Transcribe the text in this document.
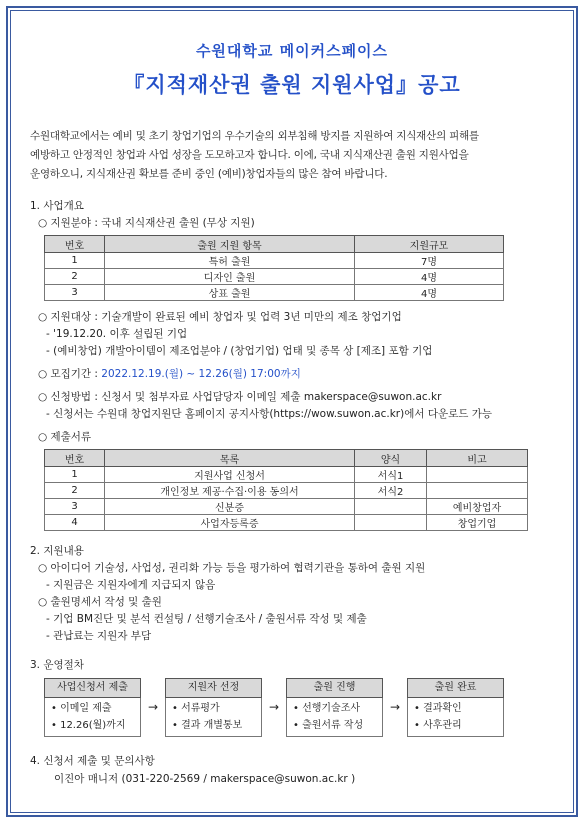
수원대학교 메이커스페이스
『지적재산권 출원 지원사업』공고
수원대학교에서는 예비 및 초기 창업기업의 우수기술의 외부침해 방지를 지원하여 지식재산의 피해를
예방하고 안정적인 창업과 사업 성장을 도모하고자 합니다. 이에, 국내 지식재산권 출원 지원사업을
운영하오니, 지식재산권 확보를 준비 중인 (예비)창업자들의 많은 참여 바랍니다.
1. 사업개요
○ 지원분야 : 국내 지식재산권 출원 (무상 지원)
번호	출원 지원 항목	지원규모
1	특허 출원	7명
2	디자인 출원	4명
3	상표 출원	4명
○ 지원대상 : 기술개발이 완료된 예비 창업자 및 업력 3년 미만의 제조 창업기업
- '19.12.20. 이후 설립된 기업
- (예비창업) 개발아이템이 제조업분야 / (창업기업) 업태 및 종목 상 [제조] 포함 기업
○ 모집기간 : 2022.12.19.(월) ~ 12.26(월) 17:00까지
○ 신청방법 : 신청서 및 첨부자료 사업담당자 이메일 제출 makerspace@suwon.ac.kr
- 신청서는 수원대 창업지원단 홈페이지 공지사항(https://wow.suwon.ac.kr)에서 다운로드 가능
○ 제출서류
번호	목록	양식	비고
1	지원사업 신청서	서식1	
2	개인정보 제공·수집·이용 동의서	서식2	
3	신분증		예비창업자
4	사업자등록증		창업기업
2. 지원내용
○ 아이디어 기술성, 사업성, 권리화 가능 등을 평가하여 협력기관을 통하여 출원 지원
- 지원금은 지원자에게 지급되지 않음
○ 출원명세서 작성 및 출원
- 기업 BM진단 및 분석 컨설팅 / 선행기술조사 / 출원서류 작성 및 제출
- 관납료는 지원자 부담
3. 운영절차
사업신청서 제출
• 이메일 제출
• 12.26(월)까지
→
지원자 선정
• 서류평가
• 결과 개별통보
→
출원 진행
• 선행기술조사
• 출원서류 작성
→
출원 완료
• 결과확인
• 사후관리
4. 신청서 제출 및 문의사항
이진아 매니저 (031-220-2569 / makerspace@suwon.ac.kr )
